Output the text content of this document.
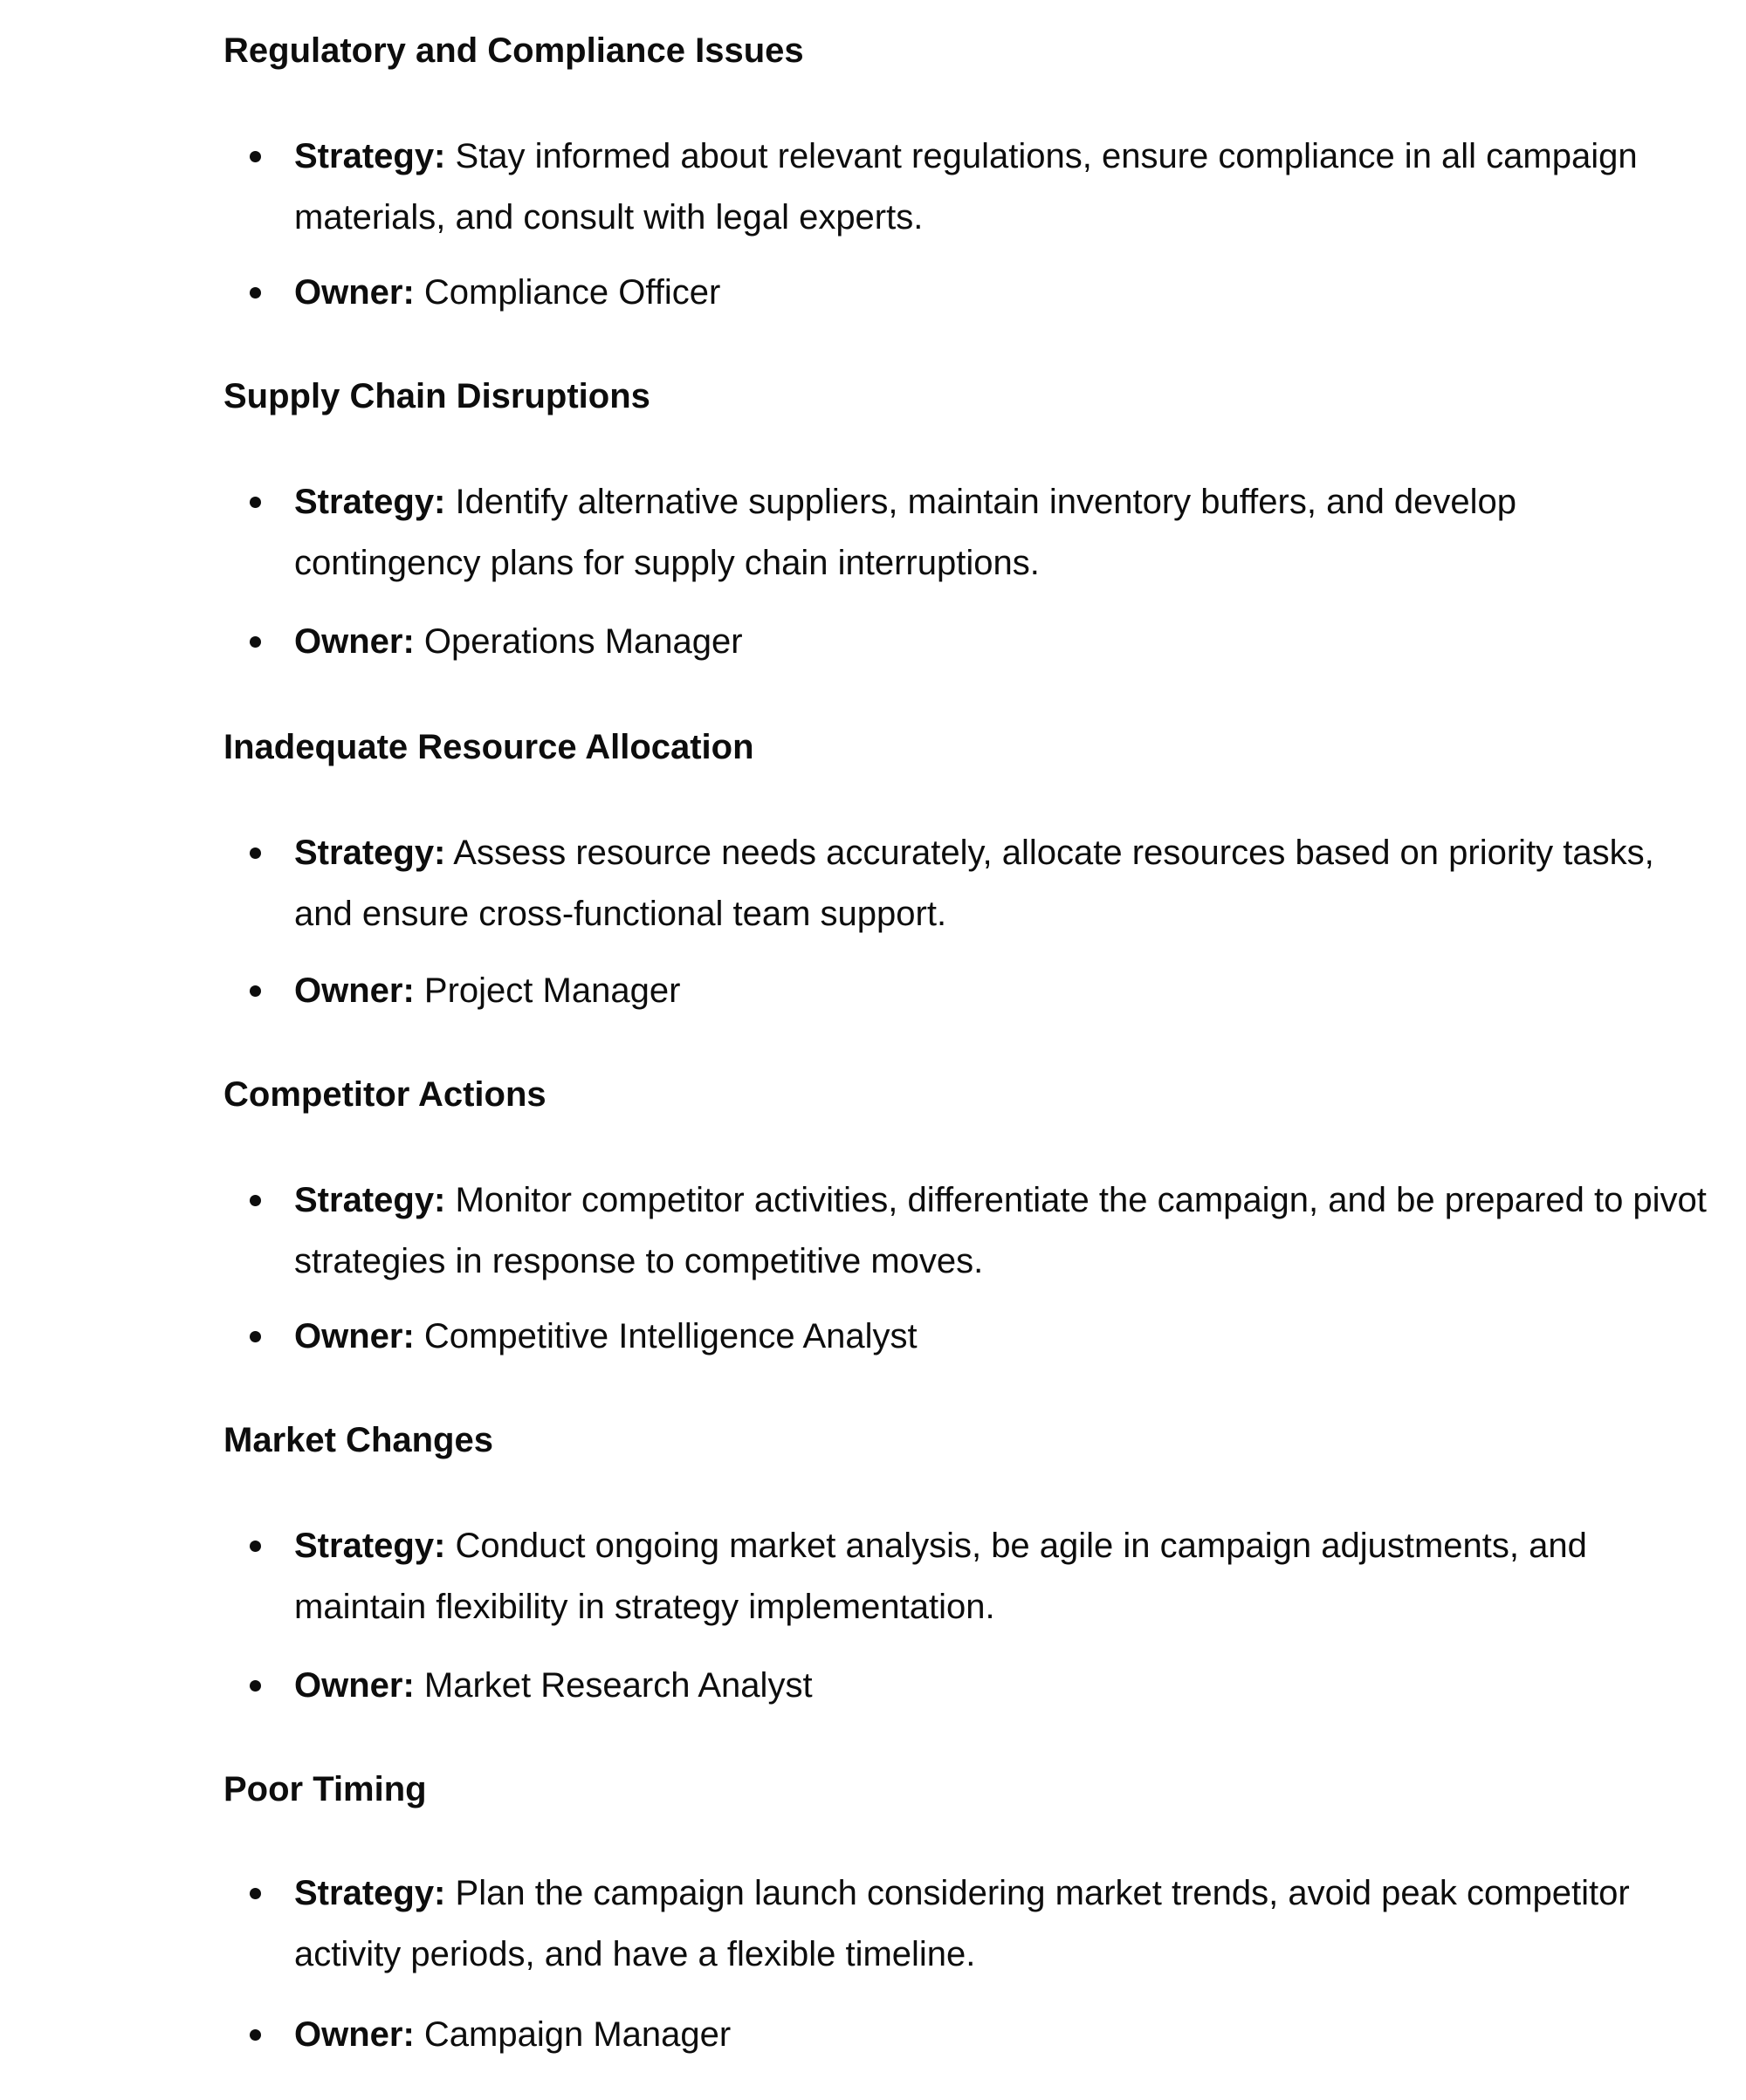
Regulatory and Compliance Issues
Strategy: Stay informed about relevant regulations, ensure compliance in all campaign materials, and consult with legal experts.
Owner: Compliance Officer
Supply Chain Disruptions
Strategy: Identify alternative suppliers, maintain inventory buffers, and develop contingency plans for supply chain interruptions.
Owner: Operations Manager
Inadequate Resource Allocation
Strategy: Assess resource needs accurately, allocate resources based on priority tasks, and ensure cross-functional team support.
Owner: Project Manager
Competitor Actions
Strategy: Monitor competitor activities, differentiate the campaign, and be prepared to pivot strategies in response to competitive moves.
Owner: Competitive Intelligence Analyst
Market Changes
Strategy: Conduct ongoing market analysis, be agile in campaign adjustments, and maintain flexibility in strategy implementation.
Owner: Market Research Analyst
Poor Timing
Strategy: Plan the campaign launch considering market trends, avoid peak competitor activity periods, and have a flexible timeline.
Owner: Campaign Manager
